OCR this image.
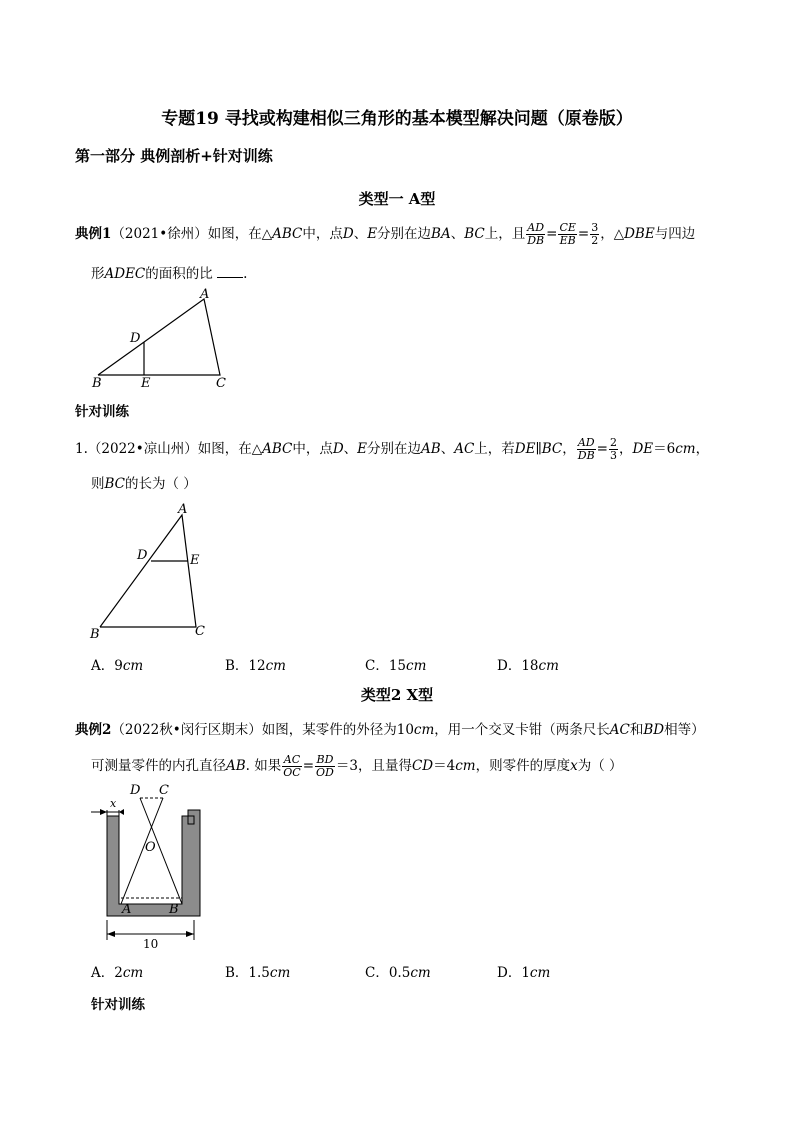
专题19 寻找或构建相似三角形的基本模型解决问题（原卷版）
第一部分 典例剖析+针对训练
类型一 A型
典例1（2021•徐州）如图，在△ABC中，点D、E分别在边BA、BC上，且 $\frac{AD}{DB} = \frac{CE}{EB} = \frac{3}{2}$ ，△DBE与四边
形ADEC的面积的比 .
A
B	C
D
E
针对训练
1.（2022•凉山州）如图，在△ABC中，点D、E分别在边AB、AC上，若DE∥BC， $\frac{AD}{DB} = \frac{2}{3}$ ，DE＝6cm，
则BC的长为（ ）
A
B	C
D	E
A．9cm	B．12cm	C．15cm	D．18cm
类型2 X型
典例2（2022秋•闵行区期末）如图，某零件的外径为10cm，用一个交叉卡钳（两条尺长AC和BD相等）
可测量零件的内孔直径AB. 如果 $\frac{AC}{OC} = \frac{BD}{OD} =3$，且量得CD＝4cm，则零件的厚度x为（ ）
D C
O
A	B
x
10
A．2cm	B．1.5cm	C．0.5cm	D．1cm
针对训练
